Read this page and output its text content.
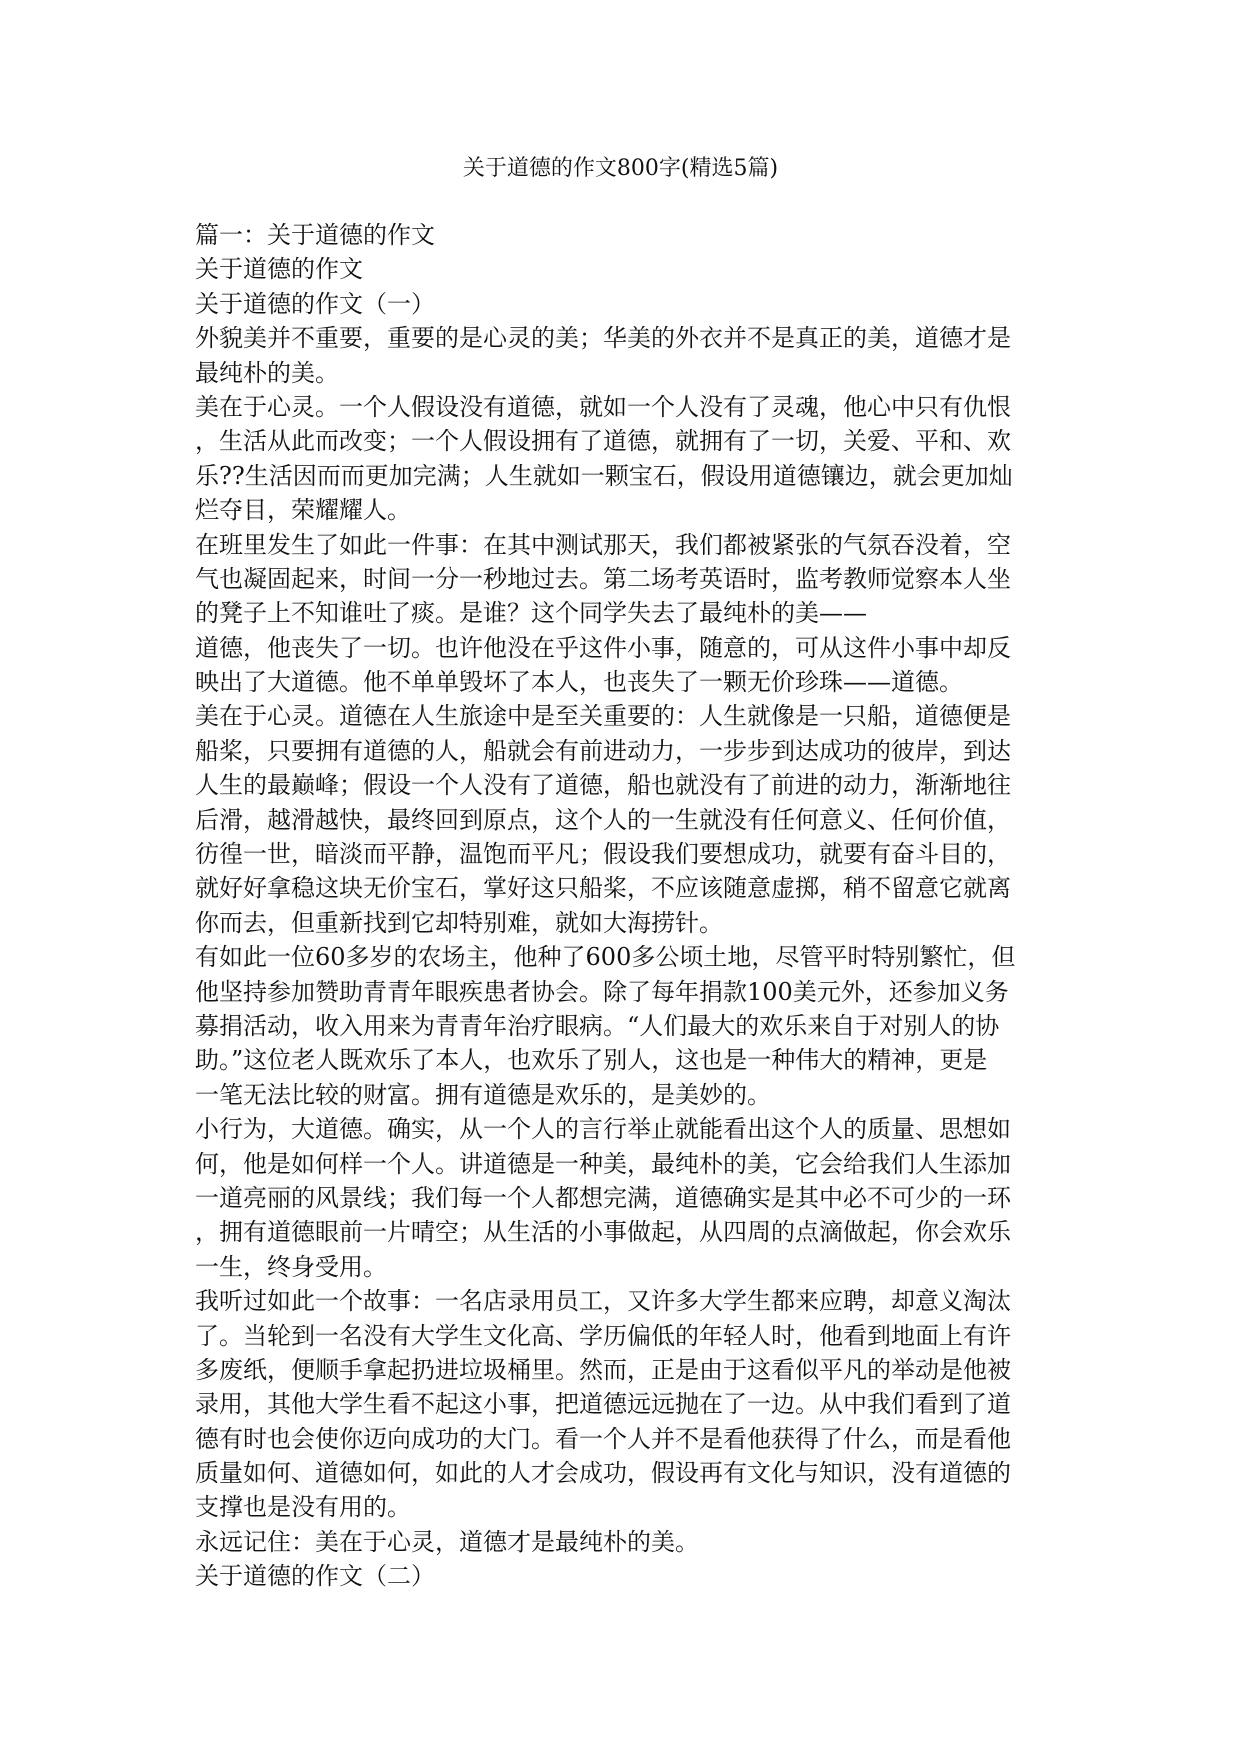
关于道德的作文800字(精选5篇)
篇一：关于道德的作文
关于道德的作文
关于道德的作文（一）
外貌美并不重要，重要的是心灵的美；华美的外衣并不是真正的美，道德才是
最纯朴的美。
美在于心灵。一个人假设没有道德，就如一个人没有了灵魂，他心中只有仇恨
，生活从此而改变；一个人假设拥有了道德，就拥有了一切，关爱、平和、欢
乐??生活因而而更加完满；人生就如一颗宝石，假设用道德镶边，就会更加灿
烂夺目，荣耀耀人。
在班里发生了如此一件事：在其中测试那天，我们都被紧张的气氛吞没着，空
气也凝固起来，时间一分一秒地过去。第二场考英语时，监考教师觉察本人坐
的凳子上不知谁吐了痰。是谁？这个同学失去了最纯朴的美——
道德，他丧失了一切。也许他没在乎这件小事，随意的，可从这件小事中却反
映出了大道德。他不单单毁坏了本人，也丧失了一颗无价珍珠——道德。
美在于心灵。道德在人生旅途中是至关重要的：人生就像是一只船，道德便是
船桨，只要拥有道德的人，船就会有前进动力，一步步到达成功的彼岸，到达
人生的最巅峰；假设一个人没有了道德，船也就没有了前进的动力，渐渐地往
后滑，越滑越快，最终回到原点，这个人的一生就没有任何意义、任何价值，
彷徨一世，暗淡而平静，温饱而平凡；假设我们要想成功，就要有奋斗目的，
就好好拿稳这块无价宝石，掌好这只船桨，不应该随意虚掷，稍不留意它就离
你而去，但重新找到它却特别难，就如大海捞针。
有如此一位60多岁的农场主，他种了600多公顷土地，尽管平时特别繁忙，但
他坚持参加赞助青青年眼疾患者协会。除了每年捐款100美元外，还参加义务
募捐活动，收入用来为青青年治疗眼病。“人们最大的欢乐来自于对别人的协
助。”这位老人既欢乐了本人，也欢乐了别人，这也是一种伟大的精神，更是
一笔无法比较的财富。拥有道德是欢乐的，是美妙的。
小行为，大道德。确实，从一个人的言行举止就能看出这个人的质量、思想如
何，他是如何样一个人。讲道德是一种美，最纯朴的美，它会给我们人生添加
一道亮丽的风景线；我们每一个人都想完满，道德确实是其中必不可少的一环
，拥有道德眼前一片晴空；从生活的小事做起，从四周的点滴做起，你会欢乐
一生，终身受用。
我听过如此一个故事：一名店录用员工，又许多大学生都来应聘，却意义淘汰
了。当轮到一名没有大学生文化高、学历偏低的年轻人时，他看到地面上有许
多废纸，便顺手拿起扔进垃圾桶里。然而，正是由于这看似平凡的举动是他被
录用，其他大学生看不起这小事，把道德远远抛在了一边。从中我们看到了道
德有时也会使你迈向成功的大门。看一个人并不是看他获得了什么，而是看他
质量如何、道德如何，如此的人才会成功，假设再有文化与知识，没有道德的
支撑也是没有用的。
永远记住：美在于心灵，道德才是最纯朴的美。
关于道德的作文（二）
